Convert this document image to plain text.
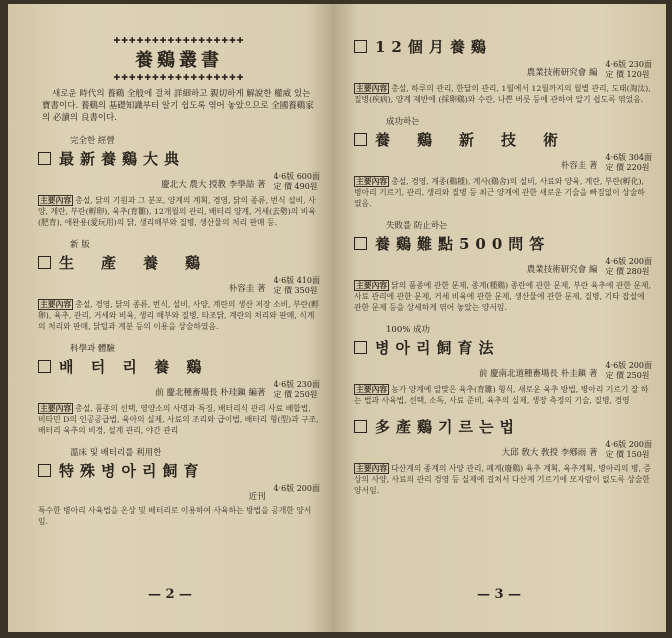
✚✚✚✚✚✚✚✚✚✚✚✚✚✚✚✚✚
養鷄叢書
✚✚✚✚✚✚✚✚✚✚✚✚✚✚✚✚✚
새로운 時代의 養鷄 全般에 걸쳐 詳細하고 親切하게 解說한 權威 있는 寶書이다. 養鷄의 基礎知識부터 알기 쉽도록 엮어 놓았으므로 全國養鷄家의 必讀의 良書이다.
完全한 經營
最新養鷄大典
慶北大 農大 授教 李學喆 著
4·6版 600面
定 價 490원
主要內容 총설, 닭의 기원과 그 분포, 양계의 계획, 경영, 닭의 종류, 번식 설비, 사양, 계란, 부란(孵卵), 육추(育雛), 12개월의 관리, 배터리 양계, 거세(去勢)의 비육(肥育), 애완용(愛玩用)의 닭, 생리해부와 질병, 생산물의 처리 판매 등.
新 版
生　產　養　鷄
朴容圭 著
4·6版 410面
定 價 350원
主要內容 총설, 경영, 닭의 종류, 번식, 설비, 사양, 계란의 생산 저장 소비, 부란(孵卵), 육추, 관리, 거세와 비육, 생리 해부와 질병, 타조닭, 계란의 처리와 판매, 식계의 처리와 판매, 닭털과 계분 등의 이용을 상술하였음.
科學과 體驗
배 터 리 養 鷄
前 慶北種畜場長 朴珪鎭 編著
4·6版 230面
定 價 250원
主要內容 총설, 품종의 선택, 영양소의 사명과 특징, 배터리식 관리 사료 배합법, 비타민 D의 인공공급법, 육아의 실제, 사료의 조리와 급이법, 배터리 형(型)과 구조, 배터리 육추의 비경, 설계 관리, 야간 관리
溫床 및 배터리를 利用한
特殊병아리飼育
近刊
4·6版 200面
특수한 병아리 사육법을 온상 및 배터리로 이용하여 사육하는 방법을 공개한 양서임.
— 2 —
12個月養鷄
農業技術研究會 編
4·6版 230面
定 價 120원
主要內容 총설, 하루의 관리, 한달의 관리, 1월에서 12월까지의 월별 관리, 도태(淘汰), 질병(疾病), 양계 재반에 (採卵鷄)와 수란, 나쁜 버릇 등에 관하여 알기 쉽도록 엮었음.
成功하는
養　鷄　新　技　術
朴容圭 著
4·6版 304面
定 價 220원
主要內容 총설, 경영, 계종(鷄種), 계사(鷄舍)의 설비, 사료와 양육, 계란, 부란(孵化), 병아리 기르기, 관리, 생리와 질병 등 최근 양계에 관한 새로운 기술을 빠짐없이 상술하였음.
失敗를 防止하는
養鷄難點500問答
農業技術研究會 編
4·6版 200面
定 價 280원
主要內容 닭의 품종에 관한 문제, 종계(種鷄) 종란에 관한 문제, 부란 육추에 관한 문제, 사료 관리에 관한 문제, 거세 비육에 관한 문제, 생산물에 관한 문제, 질병, 기타 잡설에 관한 문제 등을 상세하게 엮어 놓았는 양서임.
100% 成功
병아리飼育法
前 慶南北道種畜場長 朴圭鎭 著
4·6版 200面
定 價 250원
主要內容 농가 양계에 알맞은 육추(育雛) 형식, 새로운 육추 방법, 병아리 기르기 잘 하는 법과 사육법, 선택, 소독, 사료 준비, 육추의 실제, 생장 측정의 기술, 질병, 경영
多產鷄기르는법
大邱 敎大 敎授 李鄕雨 著
4·6版 200面
定 價 150원
主要內容 다산계의 종계의 사양 관리, 폐계(廢鷄) 육추 계획, 육추계획, 병아리의 병, 증상의 사양, 사료의 관리 경영 등 실제에 걸쳐서 다산계 기르기에 모자람이 없도록 상술한 양서임.
— 3 —
